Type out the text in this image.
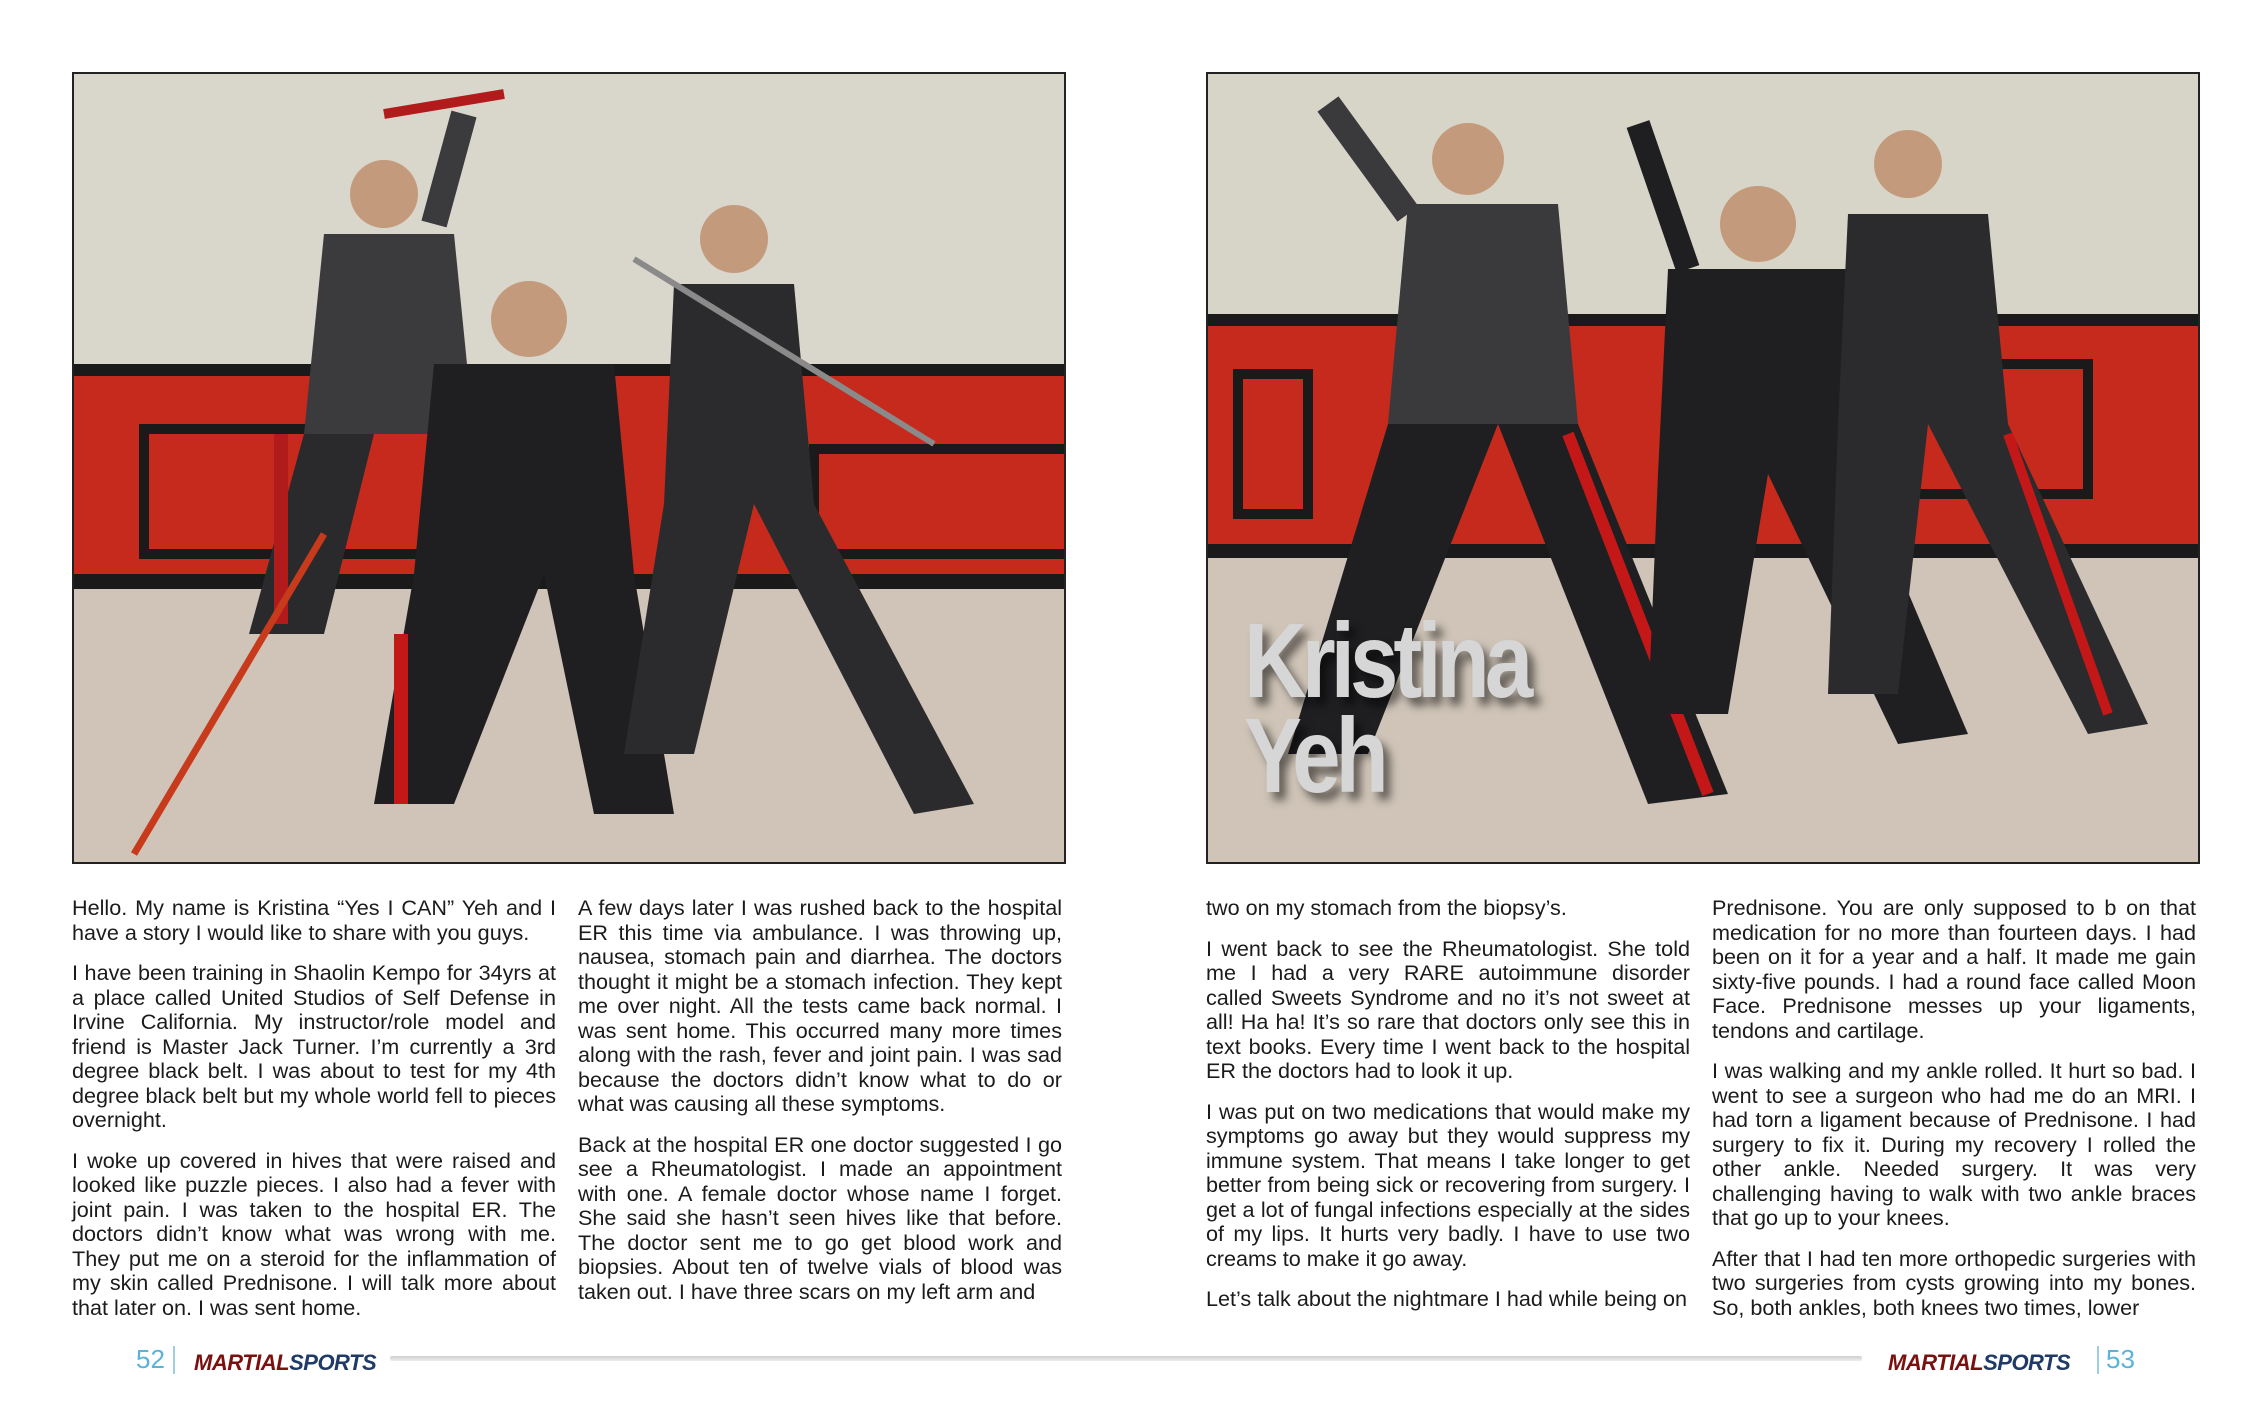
Kristina
Yeh

Hello. My name is Kristina “Yes I CAN” Yeh and I have a story I would like to share with you guys.

I have been training in Shaolin Kempo for 34yrs at a place called United Studios of Self Defense in Irvine California. My instructor/role model and friend is Master Jack Turner. I’m currently a 3rd degree black belt. I was about to test for my 4th degree black belt but my whole world fell to pieces overnight.

I woke up covered in hives that were raised and looked like puzzle pieces. I also had a fever with joint pain. I was taken to the hospital ER. The doctors didn’t know what was wrong with me. They put me on a steroid for the inflammation of my skin called Prednisone. I will talk more about that later on. I was sent home.

A few days later I was rushed back to the hospital ER this time via ambulance. I was throwing up, nausea, stomach pain and diarrhea. The doctors thought it might be a stomach infection. They kept me over night. All the tests came back normal. I was sent home. This occurred many more times along with the rash, fever and joint pain. I was sad because the doctors didn’t know what to do or what was causing all these symptoms.

Back at the hospital ER one doctor suggested I go see a Rheumatologist. I made an appointment with one. A female doctor whose name I forget. She said she hasn’t seen hives like that before. The doctor sent me to go get blood work and biopsies. About ten of twelve vials of blood was taken out. I have three scars on my left arm and

two on my stomach from the biopsy’s.

I went back to see the Rheumatologist. She told me I had a very RARE autoimmune disorder called Sweets Syndrome and no it’s not sweet at all! Ha ha! It’s so rare that doctors only see this in text books. Every time I went back to the hospital ER the doctors had to look it up.

I was put on two medications that would make my symptoms go away but they would suppress my immune system. That means I take longer to get better from being sick or recovering from surgery. I get a lot of fungal infections especially at the sides of my lips. It hurts very badly. I have to use two creams to make it go away.

Let’s talk about the nightmare I had while being on

Prednisone. You are only supposed to b on that medication for no more than fourteen days. I had been on it for a year and a half. It made me gain sixty-five pounds. I had a round face called Moon Face. Prednisone messes up your ligaments, tendons and cartilage.

I was walking and my ankle rolled. It hurt so bad. I went to see a surgeon who had me do an MRI. I had torn a ligament because of Prednisone. I had surgery to fix it. During my recovery I rolled the other ankle. Needed surgery. It was very challenging having to walk with two ankle braces that go up to your knees.

After that I had ten more orthopedic surgeries with two surgeries from cysts growing into my bones. So, both ankles, both knees two times, lower

52 MARTIALSPORTS	MARTIALSPORTS 53
